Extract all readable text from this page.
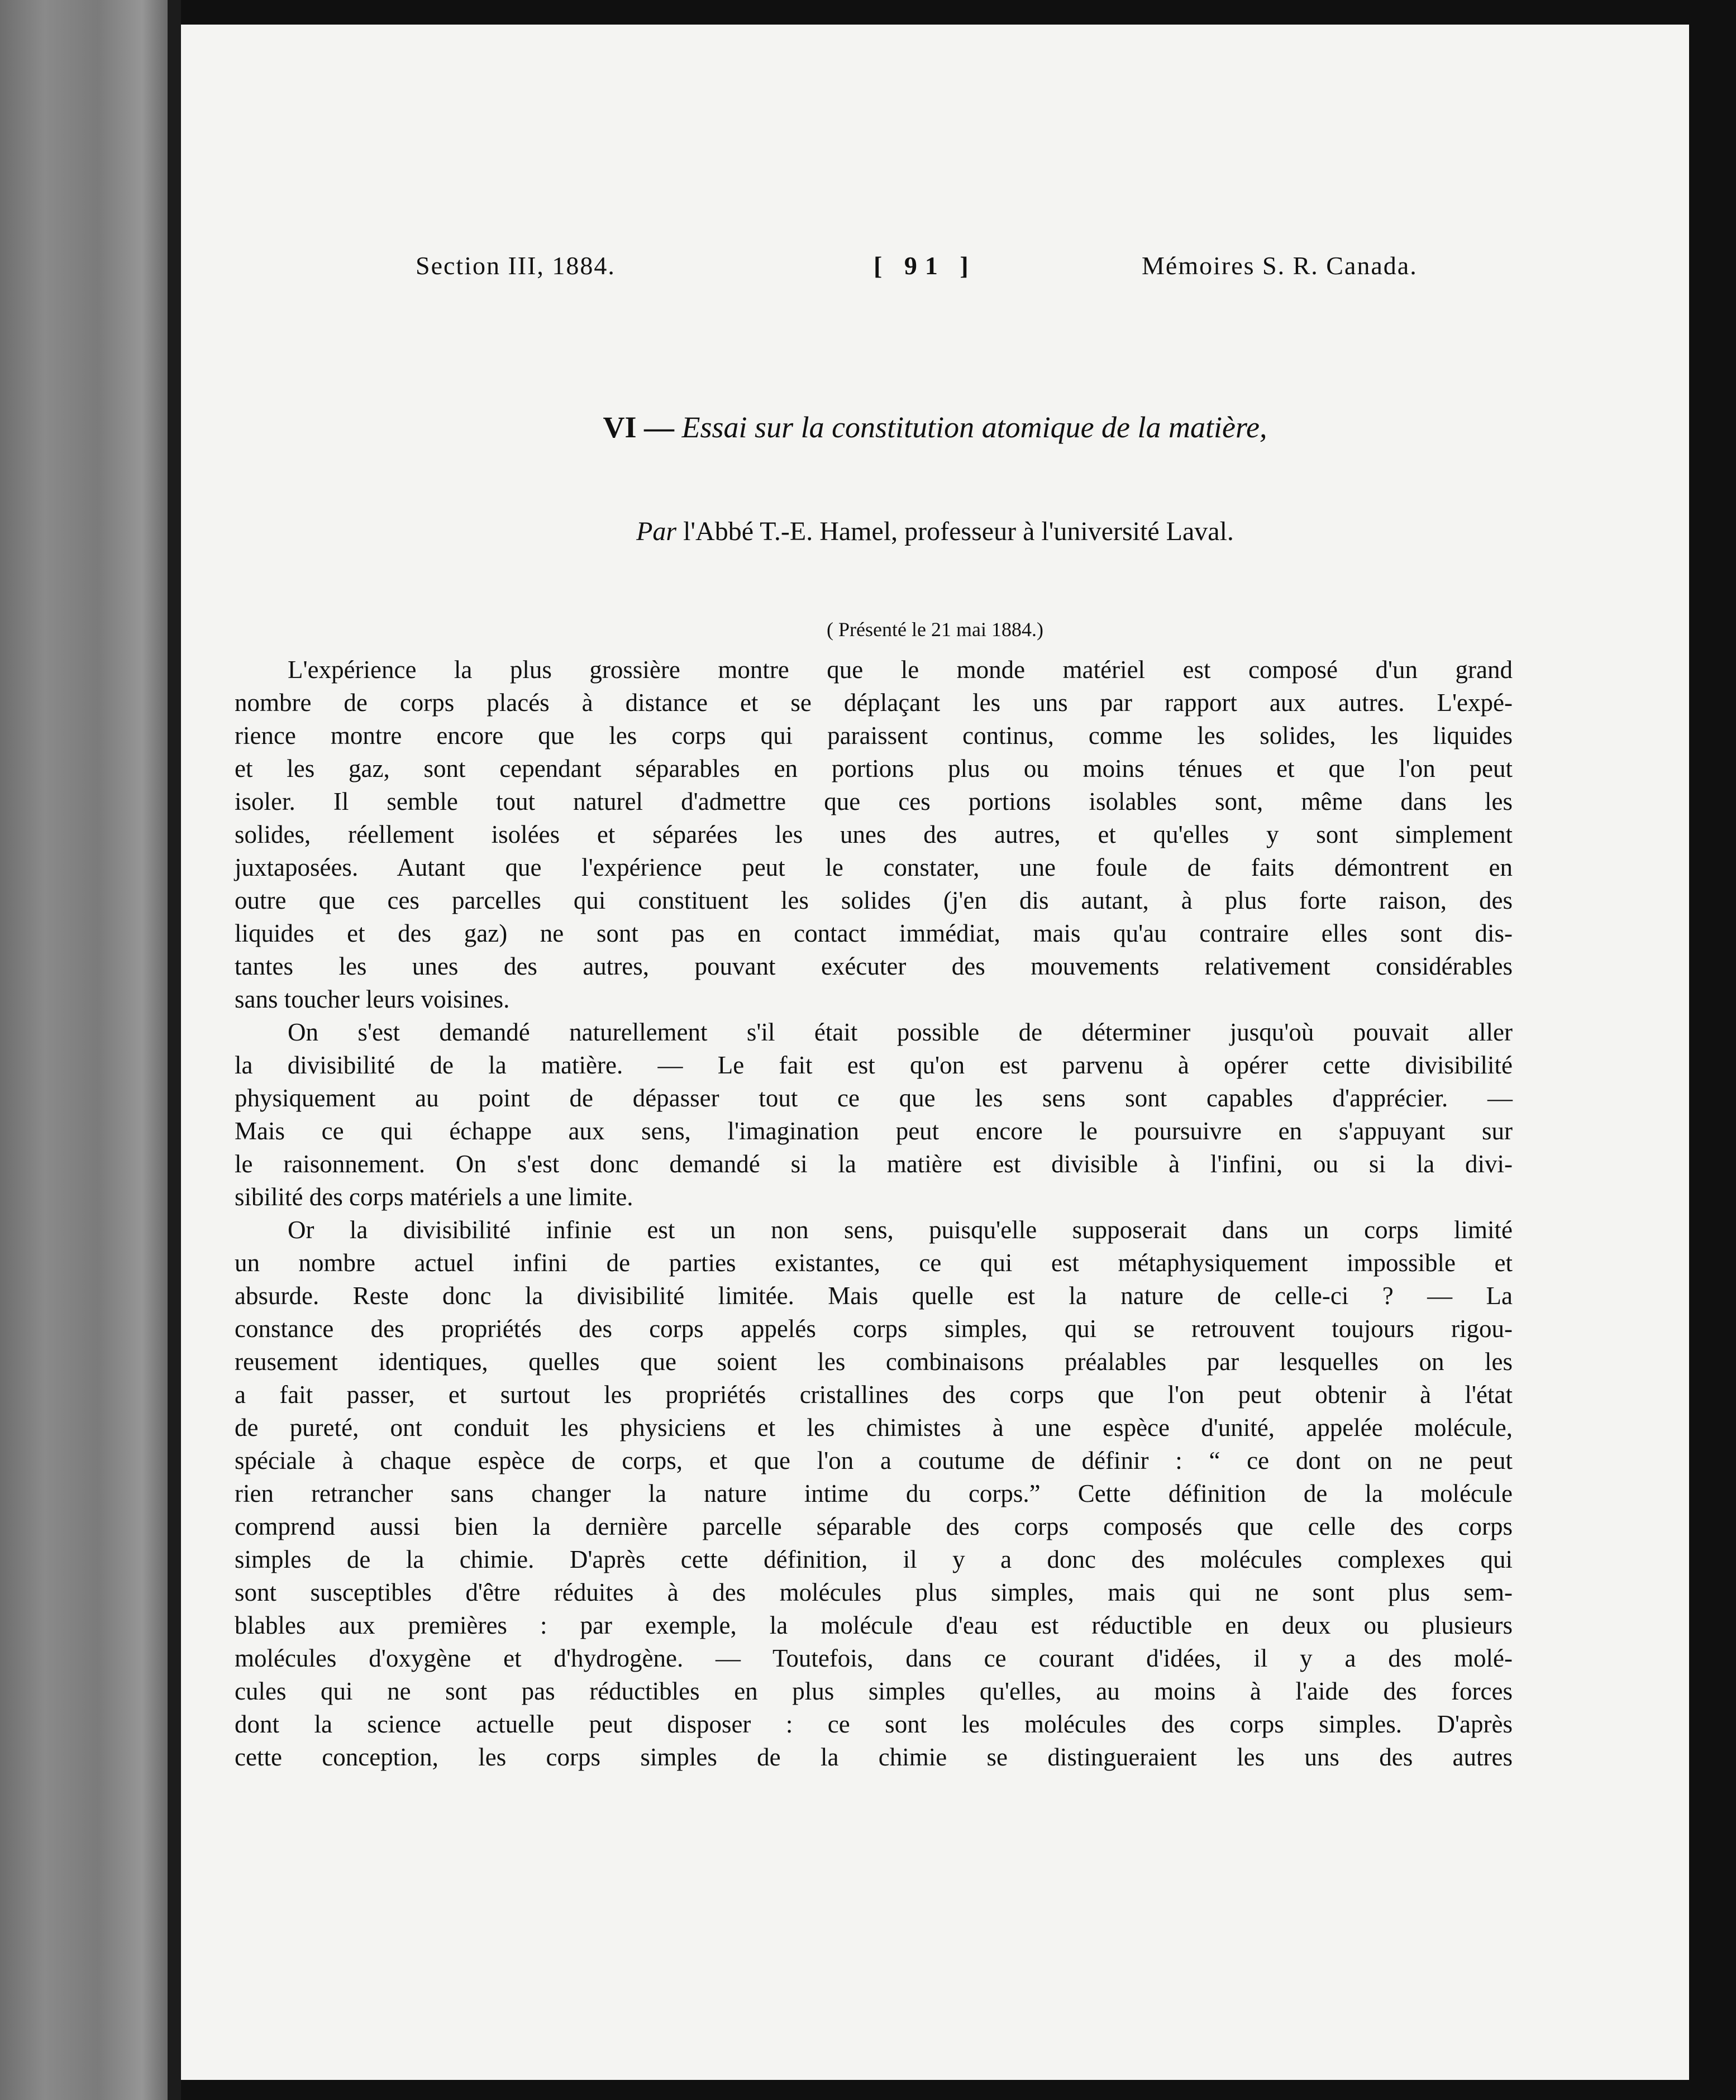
Section III, 1884.	[ 91 ]	Mémoires S. R. Canada.
VI — Essai sur la constitution atomique de la matière,
Par l'Abbé T.-E. Hamel, professeur à l'université Laval.
( Présenté le 21 mai 1884.)
L'expérience la plus grossière montre que le monde matériel est composé d'un grand
nombre de corps placés à distance et se déplaçant les uns par rapport aux autres. L'expé-
rience montre encore que les corps qui paraissent continus, comme les solides, les liquides
et les gaz, sont cependant séparables en portions plus ou moins ténues et que l'on peut
isoler. Il semble tout naturel d'admettre que ces portions isolables sont, même dans les
solides, réellement isolées et séparées les unes des autres, et qu'elles y sont simplement
juxtaposées. Autant que l'expérience peut le constater, une foule de faits démontrent en
outre que ces parcelles qui constituent les solides (j'en dis autant, à plus forte raison, des
liquides et des gaz) ne sont pas en contact immédiat, mais qu'au contraire elles sont dis-
tantes les unes des autres, pouvant exécuter des mouvements relativement considérables
sans toucher leurs voisines.
On s'est demandé naturellement s'il était possible de déterminer jusqu'où pouvait aller
la divisibilité de la matière. — Le fait est qu'on est parvenu à opérer cette divisibilité
physiquement au point de dépasser tout ce que les sens sont capables d'apprécier. —
Mais ce qui échappe aux sens, l'imagination peut encore le poursuivre en s'appuyant sur
le raisonnement. On s'est donc demandé si la matière est divisible à l'infini, ou si la divi-
sibilité des corps matériels a une limite.
Or la divisibilité infinie est un non sens, puisqu'elle supposerait dans un corps limité
un nombre actuel infini de parties existantes, ce qui est métaphysiquement impossible et
absurde. Reste donc la divisibilité limitée. Mais quelle est la nature de celle-ci ? — La
constance des propriétés des corps appelés corps simples, qui se retrouvent toujours rigou-
reusement identiques, quelles que soient les combinaisons préalables par lesquelles on les
a fait passer, et surtout les propriétés cristallines des corps que l'on peut obtenir à l'état
de pureté, ont conduit les physiciens et les chimistes à une espèce d'unité, appelée molécule,
spéciale à chaque espèce de corps, et que l'on a coutume de définir : “ ce dont on ne peut
rien retrancher sans changer la nature intime du corps.” Cette définition de la molécule
comprend aussi bien la dernière parcelle séparable des corps composés que celle des corps
simples de la chimie. D'après cette définition, il y a donc des molécules complexes qui
sont susceptibles d'être réduites à des molécules plus simples, mais qui ne sont plus sem-
blables aux premières : par exemple, la molécule d'eau est réductible en deux ou plusieurs
molécules d'oxygène et d'hydrogène. — Toutefois, dans ce courant d'idées, il y a des molé-
cules qui ne sont pas réductibles en plus simples qu'elles, au moins à l'aide des forces
dont la science actuelle peut disposer : ce sont les molécules des corps simples. D'après
cette conception, les corps simples de la chimie se distingueraient les uns des autres
